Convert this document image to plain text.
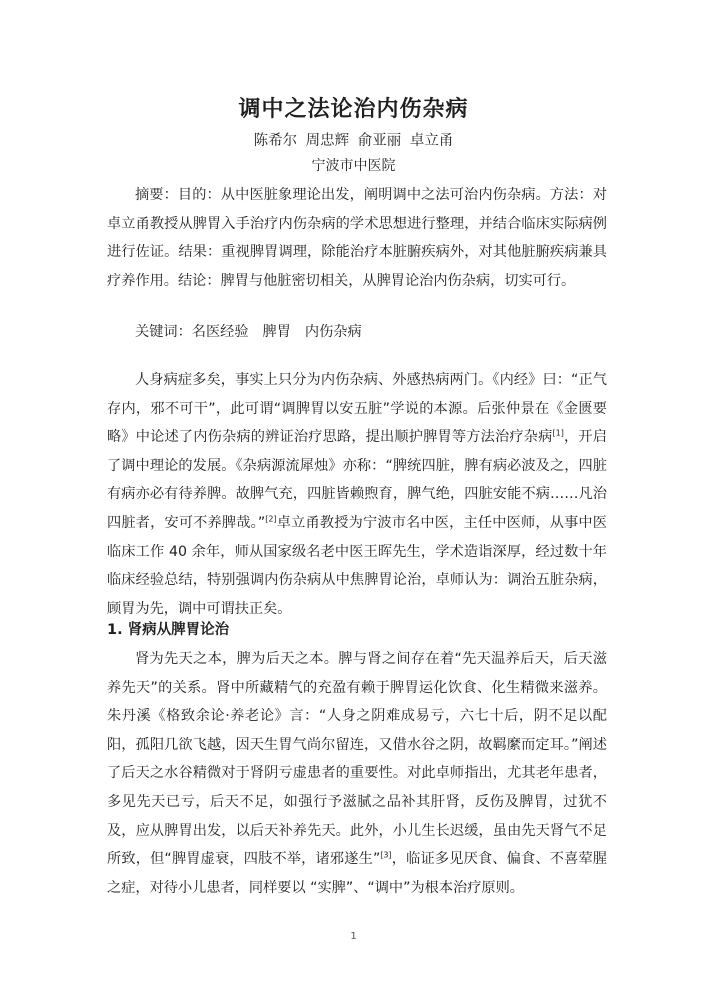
调中之法论治内伤杂病
陈希尔 周忠辉 俞亚丽 卓立甬
宁波市中医院

摘要：目的：从中医脏象理论出发，阐明调中之法可治内伤杂病。方法：对卓立甬教授从脾胃入手治疗内伤杂病的学术思想进行整理，并结合临床实际病例进行佐证。结果：重视脾胃调理，除能治疗本脏腑疾病外，对其他脏腑疾病兼具疗养作用。结论：脾胃与他脏密切相关，从脾胃论治内伤杂病，切实可行。

关键词：名医经验 脾胃 内伤杂病

人身病症多矣，事实上只分为内伤杂病、外感热病两门。《内经》曰：“正气存内，邪不可干”，此可谓“调脾胃以安五脏”学说的本源。后张仲景在《金匮要略》中论述了内伤杂病的辨证治疗思路，提出顺护脾胃等方法治疗杂病[1]，开启了调中理论的发展。《杂病源流犀烛》亦称：“脾统四脏，脾有病必波及之，四脏有病亦必有待养脾。故脾气充，四脏皆赖煦育，脾气绝，四脏安能不病……凡治四脏者，安可不养脾哉。”[2]卓立甬教授为宁波市名中医，主任中医师，从事中医临床工作 40 余年，师从国家级名老中医王晖先生，学术造诣深厚，经过数十年临床经验总结，特别强调内伤杂病从中焦脾胃论治，卓师认为：调治五脏杂病，顾胃为先，调中可谓扶正矣。

1. 肾病从脾胃论治

肾为先天之本，脾为后天之本。脾与肾之间存在着“先天温养后天，后天滋养先天”的关系。肾中所藏精气的充盈有赖于脾胃运化饮食、化生精微来滋养。朱丹溪《格致余论·养老论》言：“人身之阴难成易亏，六七十后，阴不足以配阳，孤阳几欲飞越，因天生胃气尚尔留连，又借水谷之阴，故羁縻而定耳。”阐述了后天之水谷精微对于肾阴亏虚患者的重要性。对此卓师指出，尤其老年患者，多见先天已亏，后天不足，如强行予滋腻之品补其肝肾，反伤及脾胃，过犹不及，应从脾胃出发，以后天补养先天。此外，小儿生长迟缓，虽由先天肾气不足所致，但“脾胃虚衰，四肢不举，诸邪遂生”[3]，临证多见厌食、偏食、不喜荤腥之症，对待小儿患者，同样要以 “实脾”、“调中”为根本治疗原则。

1
